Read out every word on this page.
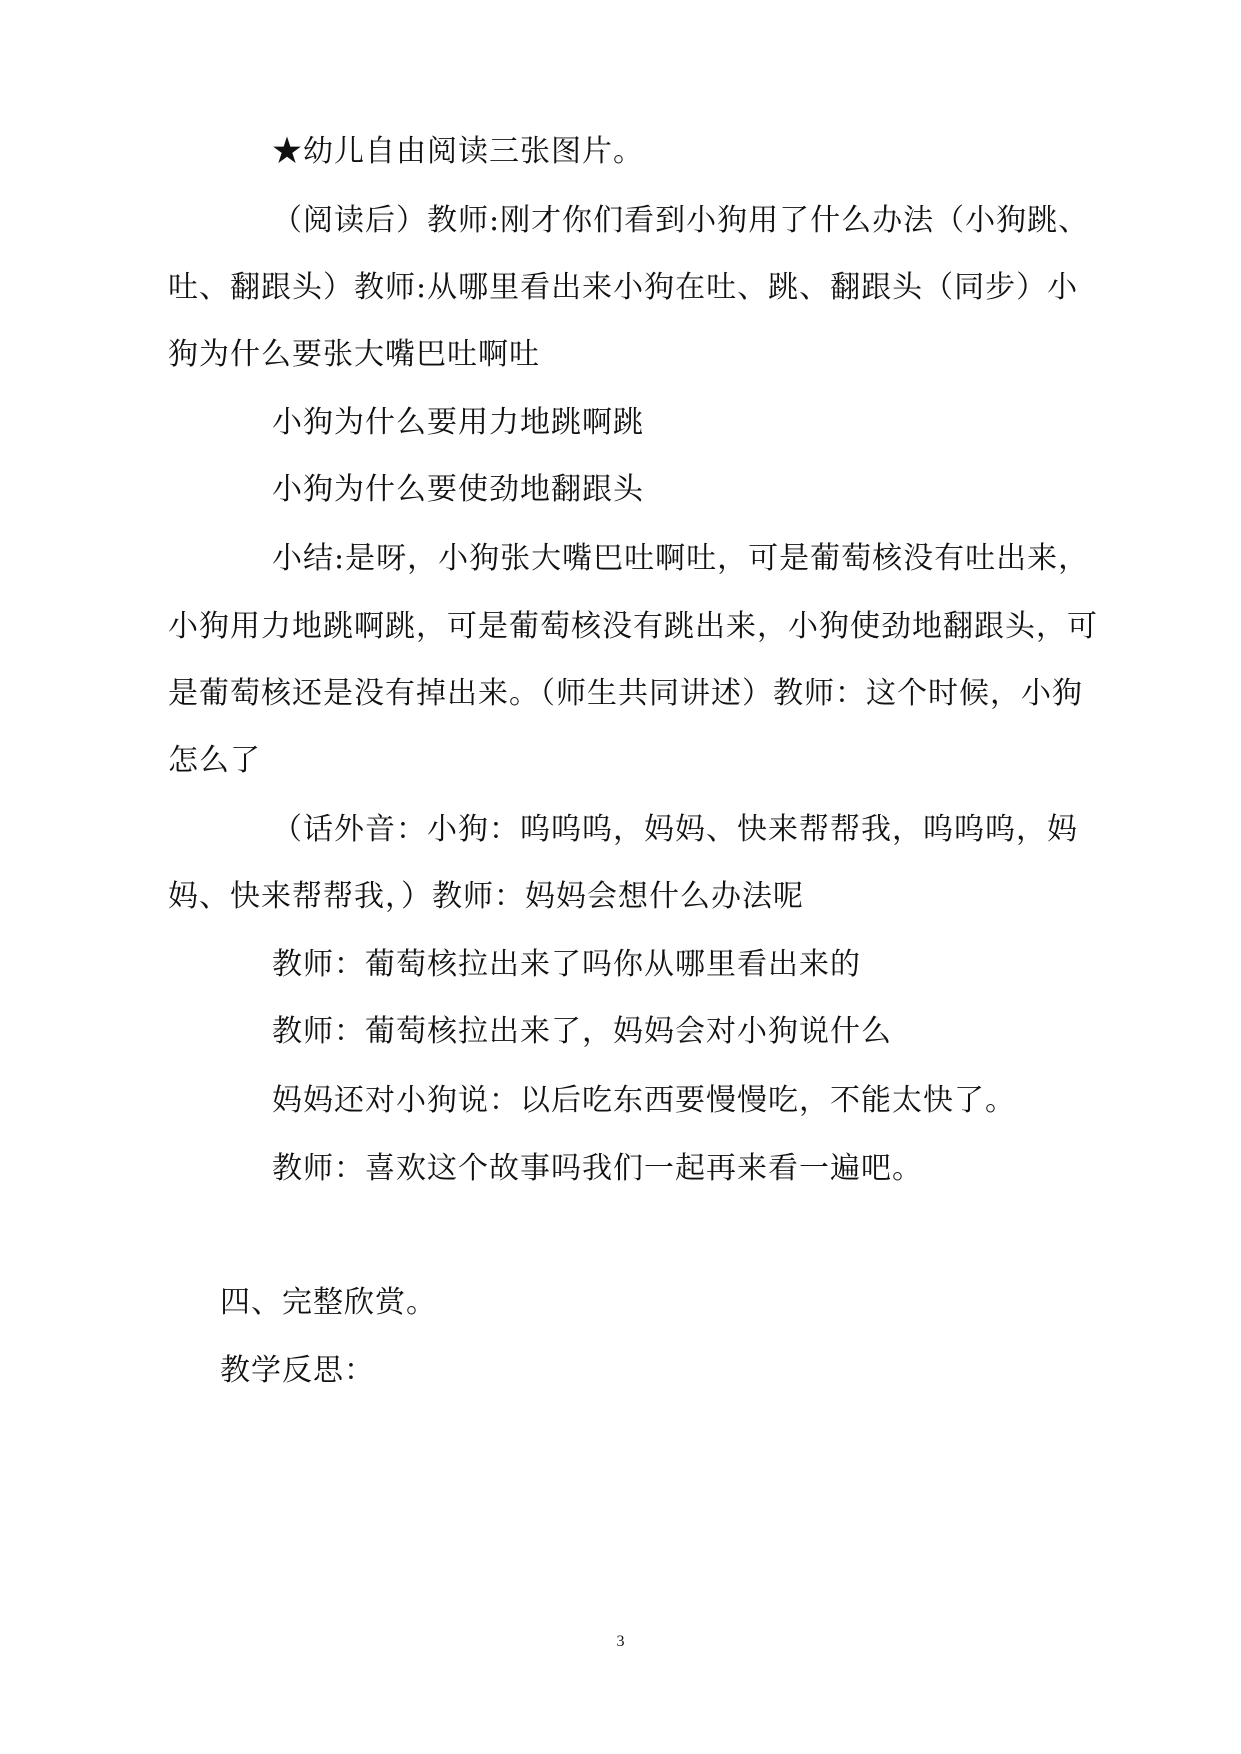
★幼儿自由阅读三张图片。
（阅读后）教师:刚才你们看到小狗用了什么办法（小狗跳、
吐、翻跟头）教师:从哪里看出来小狗在吐、跳、翻跟头（同步）小
狗为什么要张大嘴巴吐啊吐
小狗为什么要用力地跳啊跳
小狗为什么要使劲地翻跟头
小结:是呀，小狗张大嘴巴吐啊吐，可是葡萄核没有吐出来，
小狗用力地跳啊跳，可是葡萄核没有跳出来，小狗使劲地翻跟头，可
是葡萄核还是没有掉出来。（师生共同讲述）教师：这个时候，小狗
怎么了
（话外音：小狗：呜呜呜，妈妈、快来帮帮我，呜呜呜，妈
妈、快来帮帮我，）教师：妈妈会想什么办法呢
教师：葡萄核拉出来了吗你从哪里看出来的
教师：葡萄核拉出来了，妈妈会对小狗说什么
妈妈还对小狗说：以后吃东西要慢慢吃，不能太快了。
教师：喜欢这个故事吗我们一起再来看一遍吧。
四、完整欣赏。
教学反思：
3
